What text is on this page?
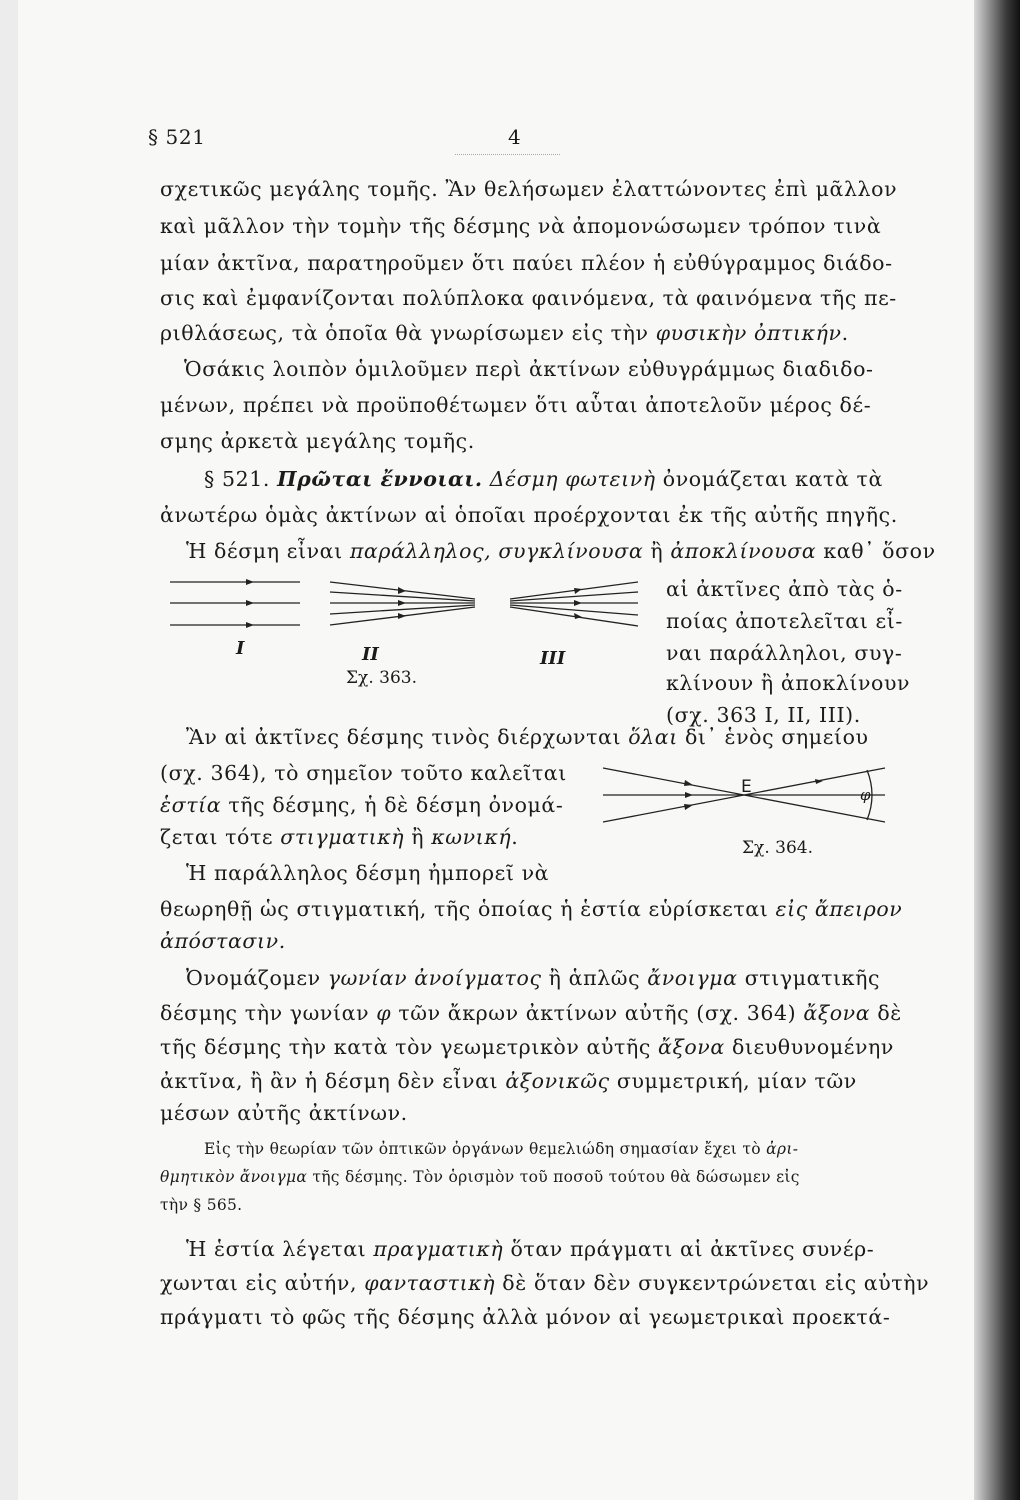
§ 521	4
σχετικῶς μεγάλης τομῆς. Ἂν θελήσωμεν ἐλαττώνοντες ἐπὶ μᾶλλον
καὶ μᾶλλον τὴν τομὴν τῆς δέσμης νὰ ἀπομονώσωμεν τρόπον τινὰ
μίαν ἀκτῖνα, παρατηροῦμεν ὅτι παύει πλέον ἡ εὐθύγραμμος διάδο-
σις καὶ ἐμφανίζονται πολύπλοκα φαινόμενα, τὰ φαινόμενα τῆς πε-
ριθλάσεως, τὰ ὁποῖα θὰ γνωρίσωμεν εἰς τὴν φυσικὴν ὀπτικήν.
Ὁσάκις λοιπὸν ὁμιλοῦμεν περὶ ἀκτίνων εὐθυγράμμως διαδιδο-
μένων, πρέπει νὰ προϋποθέτωμεν ὅτι αὗται ἀποτελοῦν μέρος δέ-
σμης ἀρκετὰ μεγάλης τομῆς.
§ 521. Πρῶται ἔννοιαι. Δέσμη φωτεινὴ ὀνομάζεται κατὰ τὰ
ἀνωτέρω ὁμὰς ἀκτίνων αἱ ὁποῖαι προέρχονται ἐκ τῆς αὐτῆς πηγῆς.
Ἡ δέσμη εἶναι παράλληλος, συγκλίνουσα ἢ ἀποκλίνουσα καθ᾿ ὅσον
αἱ ἀκτῖνες ἀπὸ τὰς ὁ-
ποίας ἀποτελεῖται εἶ-
ναι παράλληλοι, συγ-
κλίνουν ἢ ἀποκλίνουν
(σχ. 363 I, II, III).
I	II	III
Σχ. 363.
Ἂν αἱ ἀκτῖνες δέσμης τινὸς διέρχωνται ὅλαι δι᾿ ἑνὸς σημείου
(σχ. 364), τὸ σημεῖον τοῦτο καλεῖται
ἑστία τῆς δέσμης, ἡ δὲ δέσμη ὀνομά-
ζεται τότε στιγματικὴ ἢ κωνική.
E	φ
Σχ. 364.
Ἡ παράλληλος δέσμη ἠμπορεῖ νὰ
θεωρηθῇ ὡς στιγματική, τῆς ὁποίας ἡ ἑστία εὑρίσκεται εἰς ἄπειρον
ἀπόστασιν.
Ὀνομάζομεν γωνίαν ἀνοίγματος ἢ ἁπλῶς ἄνοιγμα στιγματικῆς
δέσμης τὴν γωνίαν φ τῶν ἄκρων ἀκτίνων αὐτῆς (σχ. 364) ἄξονα δὲ
τῆς δέσμης τὴν κατὰ τὸν γεωμετρικὸν αὐτῆς ἄξονα διευθυνομένην
ἀκτῖνα, ἢ ἂν ἡ δέσμη δὲν εἶναι ἀξονικῶς συμμετρική, μίαν τῶν
μέσων αὐτῆς ἀκτίνων.
Εἰς τὴν θεωρίαν τῶν ὀπτικῶν ὀργάνων θεμελιώδη σημασίαν ἔχει τὸ ἀρι-
θμητικὸν ἄνοιγμα τῆς δέσμης. Τὸν ὁρισμὸν τοῦ ποσοῦ τούτου θὰ δώσωμεν εἰς
τὴν § 565.
Ἡ ἑστία λέγεται πραγματικὴ ὅταν πράγματι αἱ ἀκτῖνες συνέρ-
χωνται εἰς αὐτήν, φανταστικὴ δὲ ὅταν δὲν συγκεντρώνεται εἰς αὐτὴν
πράγματι τὸ φῶς τῆς δέσμης ἀλλὰ μόνον αἱ γεωμετρικαὶ προεκτά-
